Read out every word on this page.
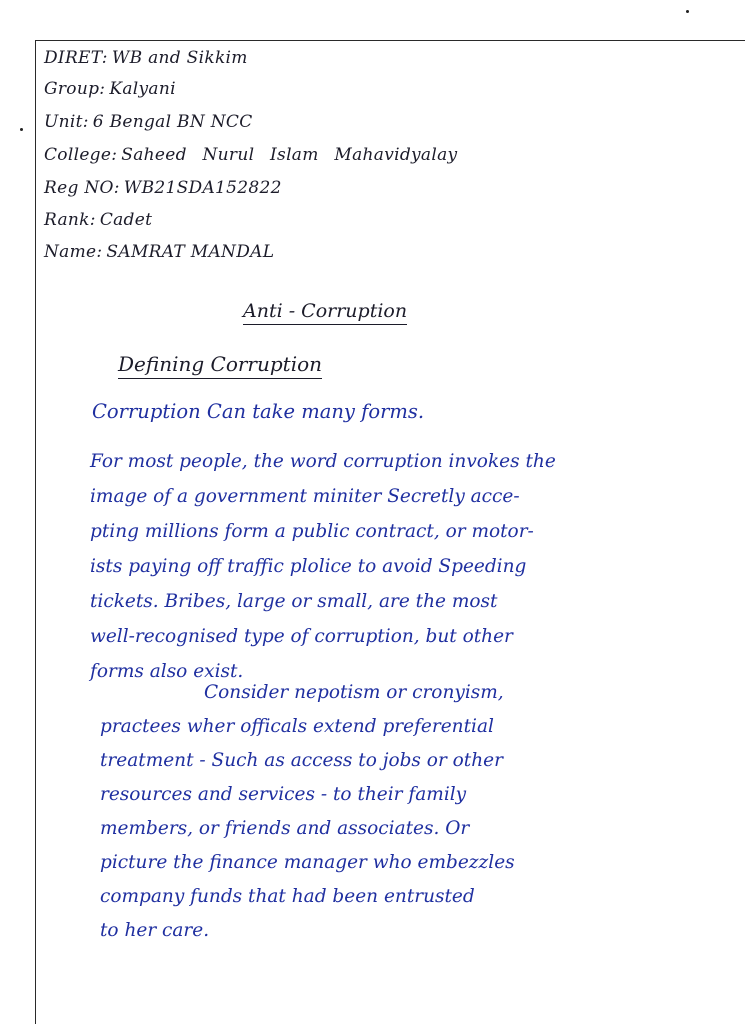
DIRET: WB and Sikkim
Group: Kalyani
Unit: 6 Bengal BN NCC
College: Saheed Nurul Islam Mahavidyalay
Reg NO: WB21SDA152822
Rank: Cadet
Name: SAMRAT MANDAL
Anti - Corruption
Defining Corruption
Corruption Can take many forms.
For most people, the word corruption invokes the
image of a government miniter Secretly acce-
pting millions form a public contract, or motor-
ists paying off traffic plolice to avoid Speeding
tickets. Bribes, large or small, are the most
well-recognised type of corruption, but other
forms also exist.
Consider nepotism or cronyism,
practees wher officals extend preferential
treatment - Such as access to jobs or other
resources and services - to their family
members, or friends and associates. Or
picture the finance manager who embezzles
company funds that had been entrusted
to her care.
